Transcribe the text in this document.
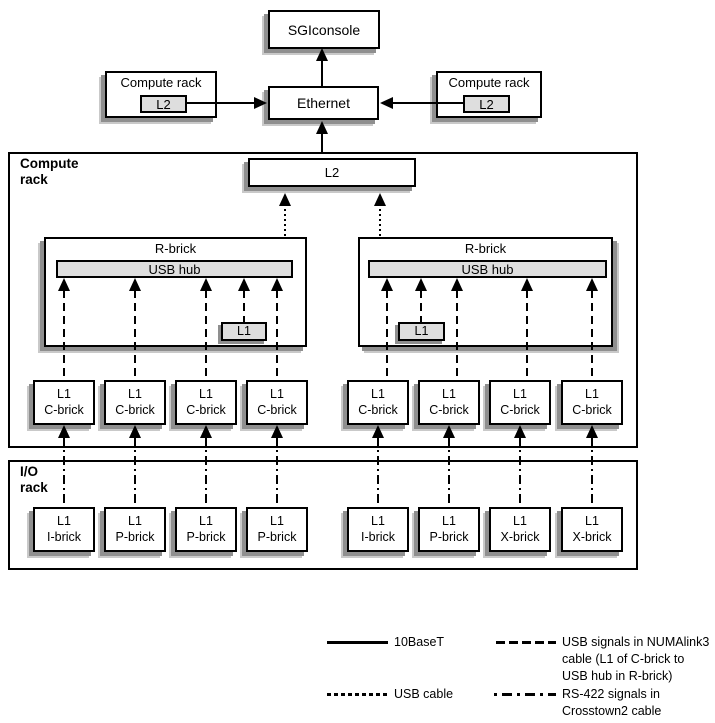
SGIconsole
Ethernet
Compute rack
L2
Compute rack
L2
Compute
rack	L2
R-brick
USB hub
L1
R-brick
USB hub
L1
L1
C-brick
L1
C-brick
L1
C-brick
L1
C-brick
L1
C-brick
L1
C-brick
L1
C-brick
L1
C-brick
I/O
rack
L1
I-brick
L1
P-brick
L1
P-brick
L1
P-brick
L1
I-brick
L1
P-brick
L1
X-brick
L1
X-brick
10BaseT	USB signals in NUMAlink3
cable (L1 of C-brick to
USB hub in R-brick)
USB cable	RS-422 signals in
Crosstown2 cable
